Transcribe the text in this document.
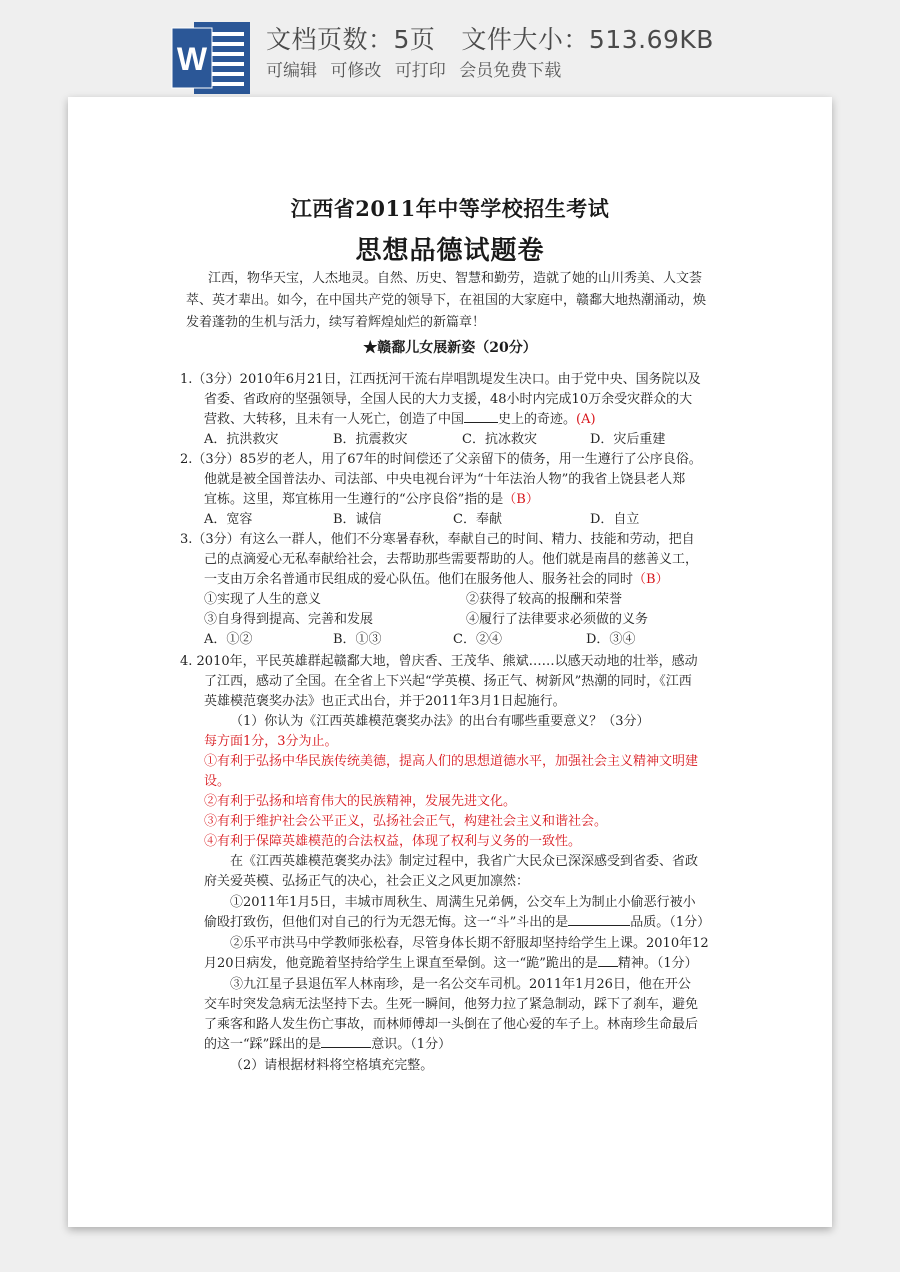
W
文档页数：5页 文件大小：513.69KB
可编辑 可修改 可打印 会员免费下载
江西省2011年中等学校招生考试
思想品德试题卷
江西，物华天宝，人杰地灵。自然、历史、智慧和勤劳，造就了她的山川秀美、人文荟
萃、英才辈出。如今，在中国共产党的领导下，在祖国的大家庭中，赣鄱大地热潮涌动，焕
发着蓬勃的生机与活力，续写着辉煌灿烂的新篇章！
★赣鄱儿女展新姿（20分）
1.（3分）2010年6月21日，江西抚河干流右岸唱凯堤发生决口。由于党中央、国务院以及
省委、省政府的坚强领导，全国人民的大力支援，48小时内完成10万余受灾群众的大
营救、大转移，且未有一人死亡，创造了中国	史上的奇迹。(A)
A．抗洪救灾	B．抗震救灾	C．抗冰救灾	D．灾后重建
2.（3分）85岁的老人，用了67年的时间偿还了父亲留下的债务，用一生遵行了公序良俗。
他就是被全国普法办、司法部、中央电视台评为“十年法治人物”的我省上饶县老人郑
宜栋。这里，郑宜栋用一生遵行的“公序良俗”指的是（B）
A．宽容	B．诚信	C．奉献	D．自立
3.（3分）有这么一群人，他们不分寒暑春秋，奉献自己的时间、精力、技能和劳动，把自
己的点滴爱心无私奉献给社会，去帮助那些需要帮助的人。他们就是南昌的慈善义工，
一支由万余名普通市民组成的爱心队伍。他们在服务他人、服务社会的同时（B）
①实现了人生的意义	②获得了较高的报酬和荣誉
③自身得到提高、完善和发展	④履行了法律要求必须做的义务
A．①②	B．①③	C．②④	D．③④
4. 2010年，平民英雄群起赣鄱大地，曾庆香、王茂华、熊斌……以感天动地的壮举，感动
了江西，感动了全国。在全省上下兴起“学英模、扬正气、树新风”热潮的同时，《江西
英雄模范褒奖办法》也正式出台，并于2011年3月1日起施行。
（1）你认为《江西英雄模范褒奖办法》的出台有哪些重要意义？（3分）
每方面1分，3分为止。
①有利于弘扬中华民族传统美德，提高人们的思想道德水平，加强社会主义精神文明建
设。
②有利于弘扬和培育伟大的民族精神，发展先进文化。
③有利于维护社会公平正义，弘扬社会正气，构建社会主义和谐社会。
④有利于保障英雄模范的合法权益，体现了权利与义务的一致性。
在《江西英雄模范褒奖办法》制定过程中，我省广大民众已深深感受到省委、省政
府关爱英模、弘扬正气的决心，社会正义之风更加凛然：
①2011年1月5日，丰城市周秋生、周满生兄弟俩，公交车上为制止小偷恶行被小
偷殴打致伤，但他们对自己的行为无怨无悔。这一“斗”斗出的是	品质。（1分）
②乐平市洪马中学教师张松春，尽管身体长期不舒服却坚持给学生上课。2010年12
月20日病发，他竟跪着坚持给学生上课直至晕倒。这一“跪”跪出的是 精神。（1分）
③九江星子县退伍军人林南珍，是一名公交车司机。2011年1月26日，他在开公
交车时突发急病无法坚持下去。生死一瞬间，他努力拉了紧急制动，踩下了刹车，避免
了乘客和路人发生伤亡事故，而林师傅却一头倒在了他心爱的车子上。林南珍生命最后
的这一“踩”踩出的是	意识。（1分）
（2）请根据材料将空格填充完整。
